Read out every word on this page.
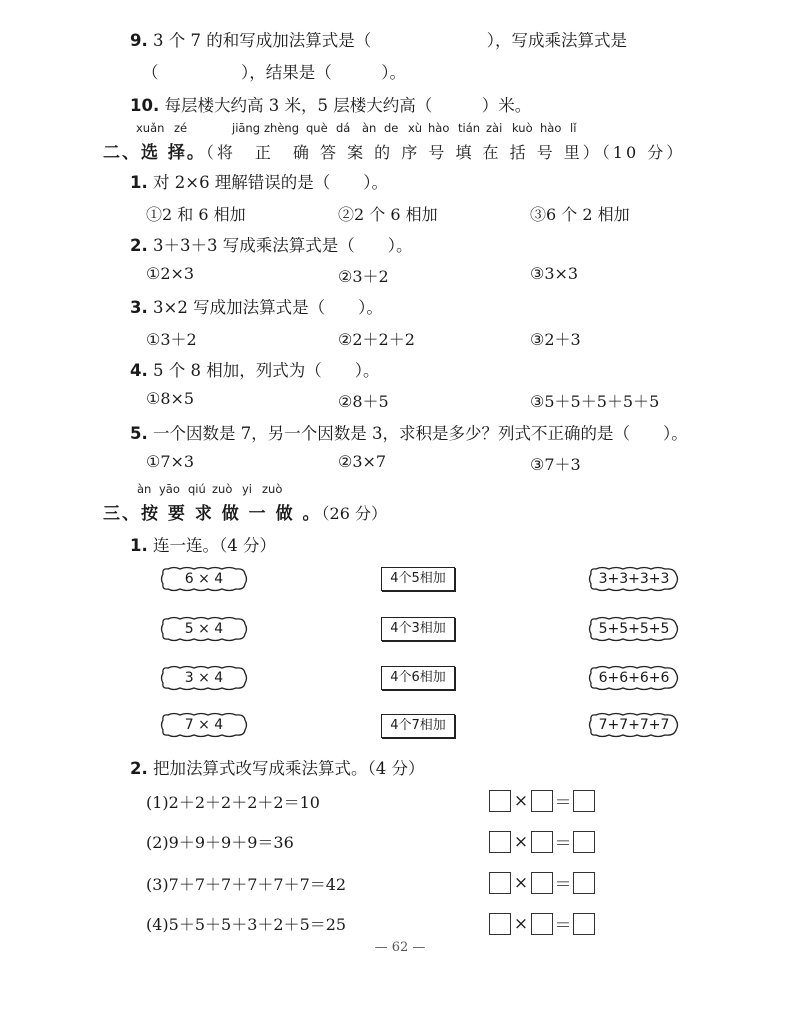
9. 3 个 7 的和写成加法算式是（　　　　　　　），写成乘法算式是
（　　　　　），结果是（　　　）。
10. 每层楼大约高 3 米，5 层楼大约高（　　　）米。
xuǎn zé	jiāng zhèng què dá àn de xù hào tián zài kuò hào lǐ
二、选 择。（将　正　确 答 案 的 序 号 填 在 括 号 里）（10 分）
1. 对 2×6 理解错误的是（　　）。
①2 和 6 相加	②2 个 6 相加	③6 个 2 相加
2. 3＋3＋3 写成乘法算式是（　　）。
①2×3	②3＋2	③3×3
3. 3×2 写成加法算式是（　　）。
①3＋2	②2＋2＋2	③2＋3
4. 5 个 8 相加，列式为（　　）。
①8×5	②8＋5	③5＋5＋5＋5＋5
5. 一个因数是 7，另一个因数是 3，求积是多少？列式不正确的是（　　）。
①7×3	②3×7	③7＋3
àn yāo qiú zuò yi zuò
三、按 要 求 做 一 做 。（26 分）
1. 连一连。（4 分）
6 × 4
5 × 4
3 × 4
7 × 4
4个5相加
4个3相加
4个6相加
4个7相加
3+3+3+3
5+5+5+5
6+6+6+6
7+7+7+7
2. 把加法算式改写成乘法算式。（4 分）
(1)2＋2＋2＋2＋2＝10	× ＝
(2)9＋9＋9＋9＝36	× ＝
(3)7＋7＋7＋7＋7＋7＝42	× ＝
(4)5＋5＋5＋3＋2＋5＝25	× ＝
— 62 —
